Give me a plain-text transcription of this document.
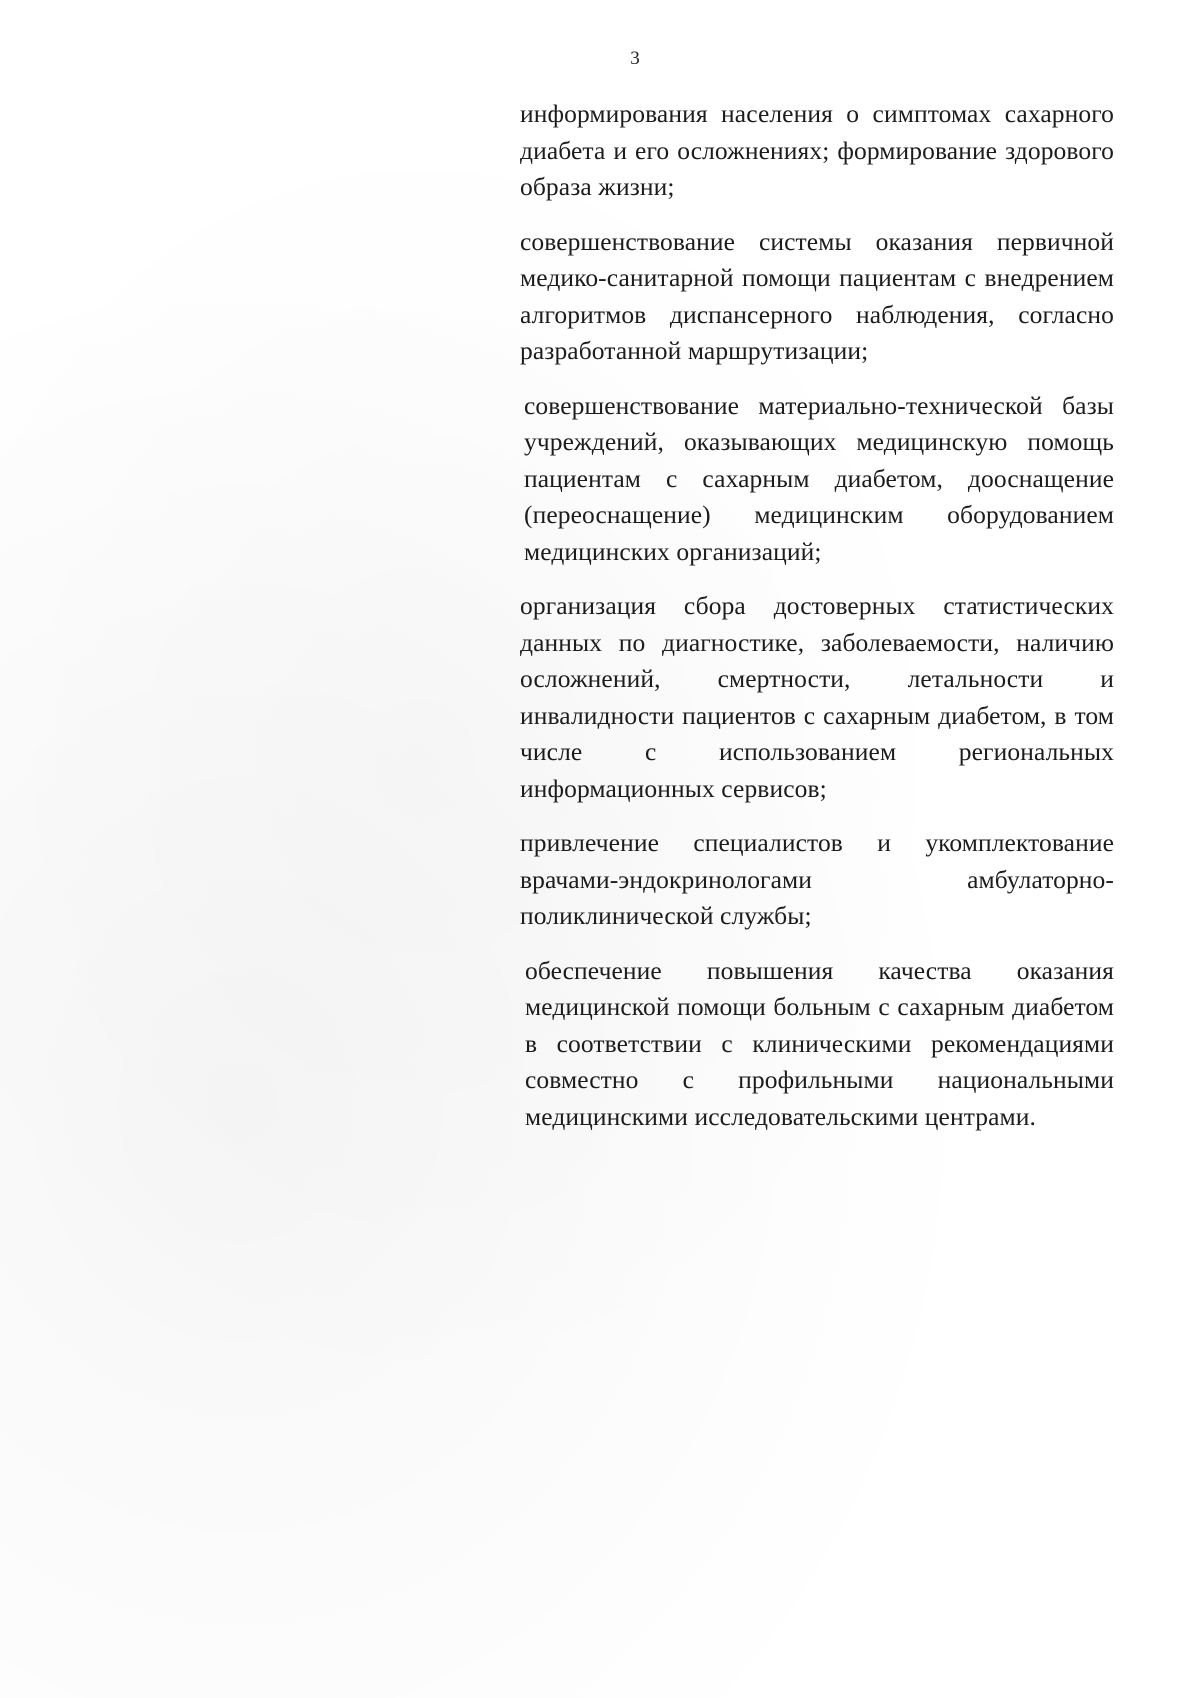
3

информирования населения о симптомах сахарного диабета и его осложнениях; формирование здорового образа жизни;

совершенствование системы оказания первичной медико-санитарной помощи пациентам с внедрением алгоритмов диспансерного наблюдения, согласно разработанной маршрутизации;

совершенствование материально-технической базы учреждений, оказывающих медицинскую помощь пациентам с сахарным диабетом, дооснащение (переоснащение) медицинским оборудованием медицинских организаций;

организация сбора достоверных статистических данных по диагностике, заболеваемости, наличию осложнений, смертности, летальности и инвалидности пациентов с сахарным диабетом, в том числе с использованием региональных информационных сервисов;

привлечение специалистов и укомплектование врачами-эндокринологами амбулаторно-поликлинической службы;

обеспечение повышения качества оказания медицинской помощи больным с сахарным диабетом в соответствии с клиническими рекомендациями совместно с профильными национальными медицинскими исследовательскими центрами.
